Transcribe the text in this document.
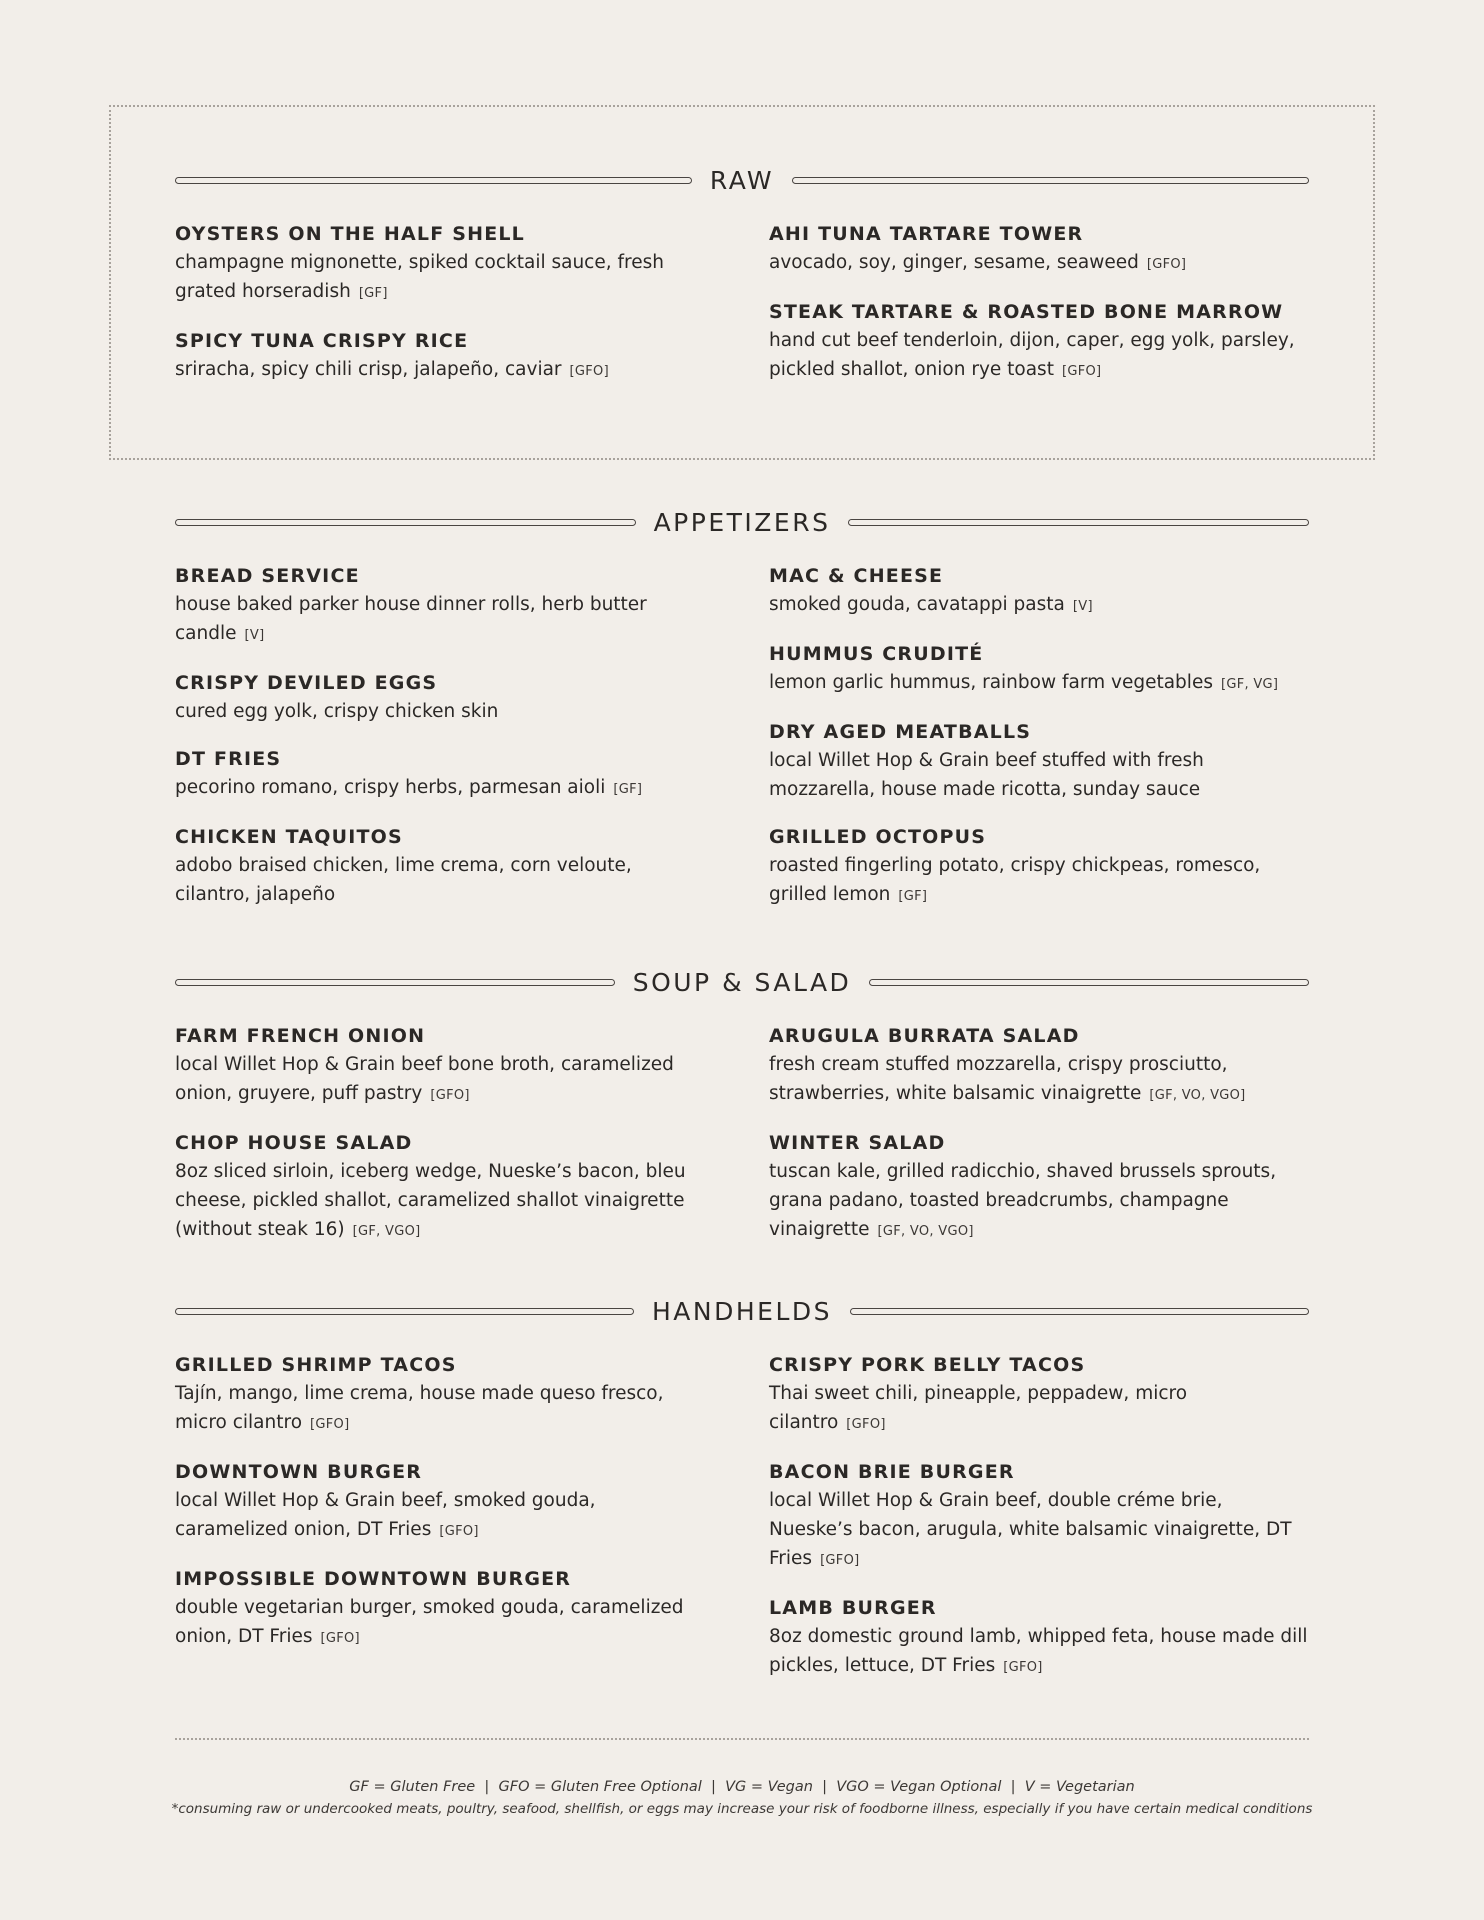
RAW
OYSTERS ON THE HALF SHELL
champagne mignonette, spiked cocktail sauce, fresh grated horseradish [GF]
SPICY TUNA CRISPY RICE
sriracha, spicy chili crisp, jalapeño, caviar [GFO]
AHI TUNA TARTARE TOWER
avocado, soy, ginger, sesame, seaweed [GFO]
STEAK TARTARE & ROASTED BONE MARROW
hand cut beef tenderloin, dijon, caper, egg yolk, parsley, pickled shallot, onion rye toast [GFO]
APPETIZERS
BREAD SERVICE
house baked parker house dinner rolls, herb butter candle [V]
CRISPY DEVILED EGGS
cured egg yolk, crispy chicken skin
DT FRIES
pecorino romano, crispy herbs, parmesan aioli [GF]
CHICKEN TAQUITOS
adobo braised chicken, lime crema, corn veloute, cilantro, jalapeño
MAC & CHEESE
smoked gouda, cavatappi pasta [V]
HUMMUS CRUDITÉ
lemon garlic hummus, rainbow farm vegetables [GF, VG]
DRY AGED MEATBALLS
local Willet Hop & Grain beef stuffed with fresh mozzarella, house made ricotta, sunday sauce
GRILLED OCTOPUS
roasted fingerling potato, crispy chickpeas, romesco, grilled lemon [GF]
SOUP & SALAD
FARM FRENCH ONION
local Willet Hop & Grain beef bone broth, caramelized onion, gruyere, puff pastry [GFO]
CHOP HOUSE SALAD
8oz sliced sirloin, iceberg wedge, Nueske’s bacon, bleu cheese, pickled shallot, caramelized shallot vinaigrette (without steak 16) [GF, VGO]
ARUGULA BURRATA SALAD
fresh cream stuffed mozzarella, crispy prosciutto, strawberries, white balsamic vinaigrette [GF, VO, VGO]
WINTER SALAD
tuscan kale, grilled radicchio, shaved brussels sprouts, grana padano, toasted breadcrumbs, champagne vinaigrette [GF, VO, VGO]
HANDHELDS
GRILLED SHRIMP TACOS
Tajín, mango, lime crema, house made queso fresco, micro cilantro [GFO]
DOWNTOWN BURGER
local Willet Hop & Grain beef, smoked gouda, caramelized onion, DT Fries [GFO]
IMPOSSIBLE DOWNTOWN BURGER
double vegetarian burger, smoked gouda, caramelized onion, DT Fries [GFO]
CRISPY PORK BELLY TACOS
Thai sweet chili, pineapple, peppadew, micro cilantro [GFO]
BACON BRIE BURGER
local Willet Hop & Grain beef, double créme brie, Nueske’s bacon, arugula, white balsamic vinaigrette, DT Fries [GFO]
LAMB BURGER
8oz domestic ground lamb, whipped feta, house made dill pickles, lettuce, DT Fries [GFO]
GF = Gluten Free  |  GFO = Gluten Free Optional  |  VG = Vegan  |  VGO = Vegan Optional  |  V = Vegetarian
*consuming raw or undercooked meats, poultry, seafood, shellfish, or eggs may increase your risk of foodborne illness, especially if you have certain medical conditions
